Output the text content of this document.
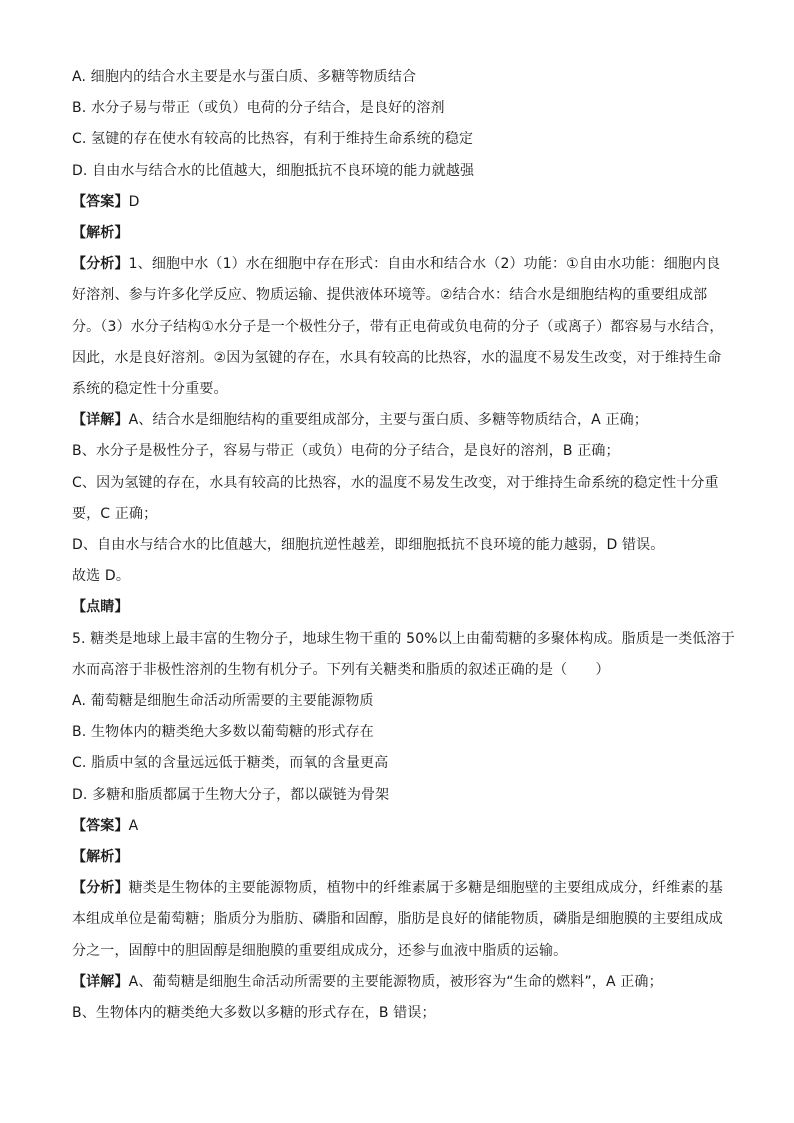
A. 细胞内的结合水主要是水与蛋白质、多糖等物质结合
B. 水分子易与带正（或负）电荷的分子结合，是良好的溶剂
C. 氢键的存在使水有较高的比热容，有利于维持生命系统的稳定
D. 自由水与结合水的比值越大，细胞抵抗不良环境的能力就越强
【答案】D
【解析】
【分析】1、细胞中水（1）水在细胞中存在形式：自由水和结合水（2）功能：①自由水功能：细胞内良
好溶剂、参与许多化学反应、物质运输、提供液体环境等。②结合水：结合水是细胞结构的重要组成部
分。（3）水分子结构①水分子是一个极性分子，带有正电荷或负电荷的分子（或离子）都容易与水结合，
因此，水是良好溶剂。②因为氢键的存在，水具有较高的比热容，水的温度不易发生改变，对于维持生命
系统的稳定性十分重要。
【详解】A、结合水是细胞结构的重要组成部分，主要与蛋白质、多糖等物质结合，A 正确；
B、水分子是极性分子，容易与带正（或负）电荷的分子结合，是良好的溶剂，B 正确；
C、因为氢键的存在，水具有较高的比热容，水的温度不易发生改变，对于维持生命系统的稳定性十分重
要，C 正确；
D、自由水与结合水的比值越大，细胞抗逆性越差，即细胞抵抗不良环境的能力越弱，D 错误。
故选 D。
【点睛】
5. 糖类是地球上最丰富的生物分子，地球生物干重的 50%以上由葡萄糖的多聚体构成。脂质是一类低溶于
水而高溶于非极性溶剂的生物有机分子。下列有关糖类和脂质的叙述正确的是（　　）
A. 葡萄糖是细胞生命活动所需要的主要能源物质
B. 生物体内的糖类绝大多数以葡萄糖的形式存在
C. 脂质中氢的含量远远低于糖类，而氧的含量更高
D. 多糖和脂质都属于生物大分子，都以碳链为骨架
【答案】A
【解析】
【分析】糖类是生物体的主要能源物质，植物中的纤维素属于多糖是细胞壁的主要组成成分，纤维素的基
本组成单位是葡萄糖；脂质分为脂肪、磷脂和固醇，脂肪是良好的储能物质，磷脂是细胞膜的主要组成成
分之一，固醇中的胆固醇是细胞膜的重要组成成分，还参与血液中脂质的运输。
【详解】A、葡萄糖是细胞生命活动所需要的主要能源物质，被形容为“生命的燃料”，A 正确；
B、生物体内的糖类绝大多数以多糖的形式存在，B 错误；
